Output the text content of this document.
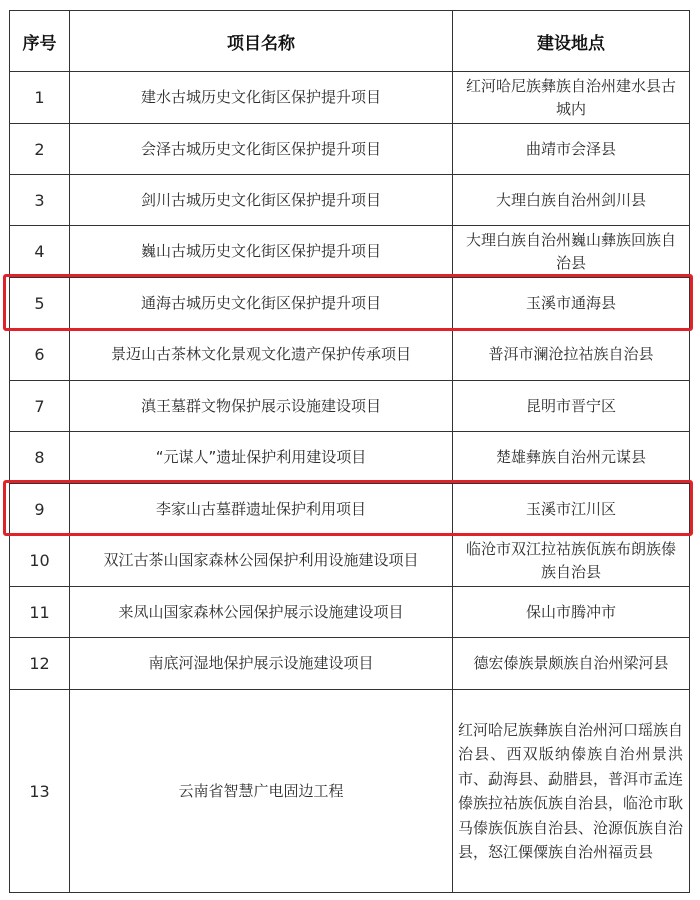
序号	项目名称	建设地点
1	建水古城历史文化街区保护提升项目	红河哈尼族彝族自治州建水县古城内
2	会泽古城历史文化街区保护提升项目	曲靖市会泽县
3	剑川古城历史文化街区保护提升项目	大理白族自治州剑川县
4	巍山古城历史文化街区保护提升项目	大理白族自治州巍山彝族回族自治县
5	通海古城历史文化街区保护提升项目	玉溪市通海县
6	景迈山古茶林文化景观文化遗产保护传承项目	普洱市澜沧拉祜族自治县
7	滇王墓群文物保护展示设施建设项目	昆明市晋宁区
8	“元谋人”遗址保护利用建设项目	楚雄彝族自治州元谋县
9	李家山古墓群遗址保护利用项目	玉溪市江川区
10	双江古茶山国家森林公园保护利用设施建设项目	临沧市双江拉祜族佤族布朗族傣族自治县
11	来凤山国家森林公园保护展示设施建设项目	保山市腾冲市
12	南底河湿地保护展示设施建设项目	德宏傣族景颇族自治州梁河县
13	云南省智慧广电固边工程	红河哈尼族彝族自治州河口瑶族自治县、西双版纳傣族自治州景洪市、勐海县、勐腊县，普洱市孟连傣族拉祜族佤族自治县，临沧市耿马傣族佤族自治县、沧源佤族自治县，怒江傈僳族自治州福贡县
